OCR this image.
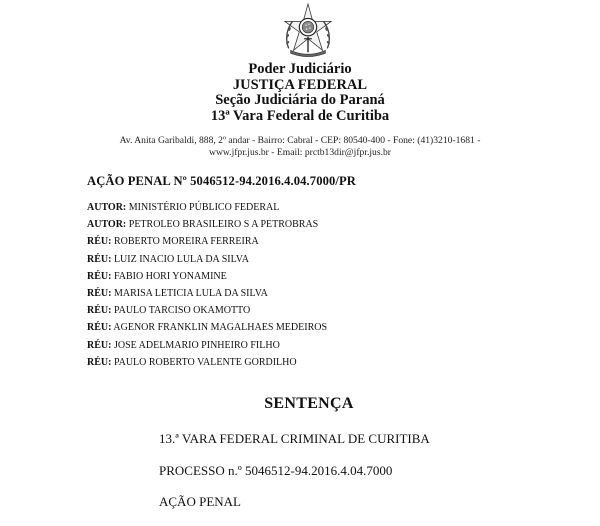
Poder Judiciário
JUSTIÇA FEDERAL
Seção Judiciária do Paraná
13ª Vara Federal de Curitiba
Av. Anita Garibaldi, 888, 2º andar - Bairro: Cabral - CEP: 80540-400 - Fone: (41)3210-1681 -
www.jfpr.jus.br - Email: prctb13dir@jfpr.jus.br
AÇÃO PENAL Nº 5046512-94.2016.4.04.7000/PR
AUTOR: MINISTÉRIO PÚBLICO FEDERAL
AUTOR: PETROLEO BRASILEIRO S A PETROBRAS
RÉU: ROBERTO MOREIRA FERREIRA
RÉU: LUIZ INACIO LULA DA SILVA
RÉU: FABIO HORI YONAMINE
RÉU: MARISA LETICIA LULA DA SILVA
RÉU: PAULO TARCISO OKAMOTTO
RÉU: AGENOR FRANKLIN MAGALHAES MEDEIROS
RÉU: JOSE ADELMARIO PINHEIRO FILHO
RÉU: PAULO ROBERTO VALENTE GORDILHO
SENTENÇA
13.ª VARA FEDERAL CRIMINAL DE CURITIBA
PROCESSO n.º 5046512-94.2016.4.04.7000
AÇÃO PENAL
